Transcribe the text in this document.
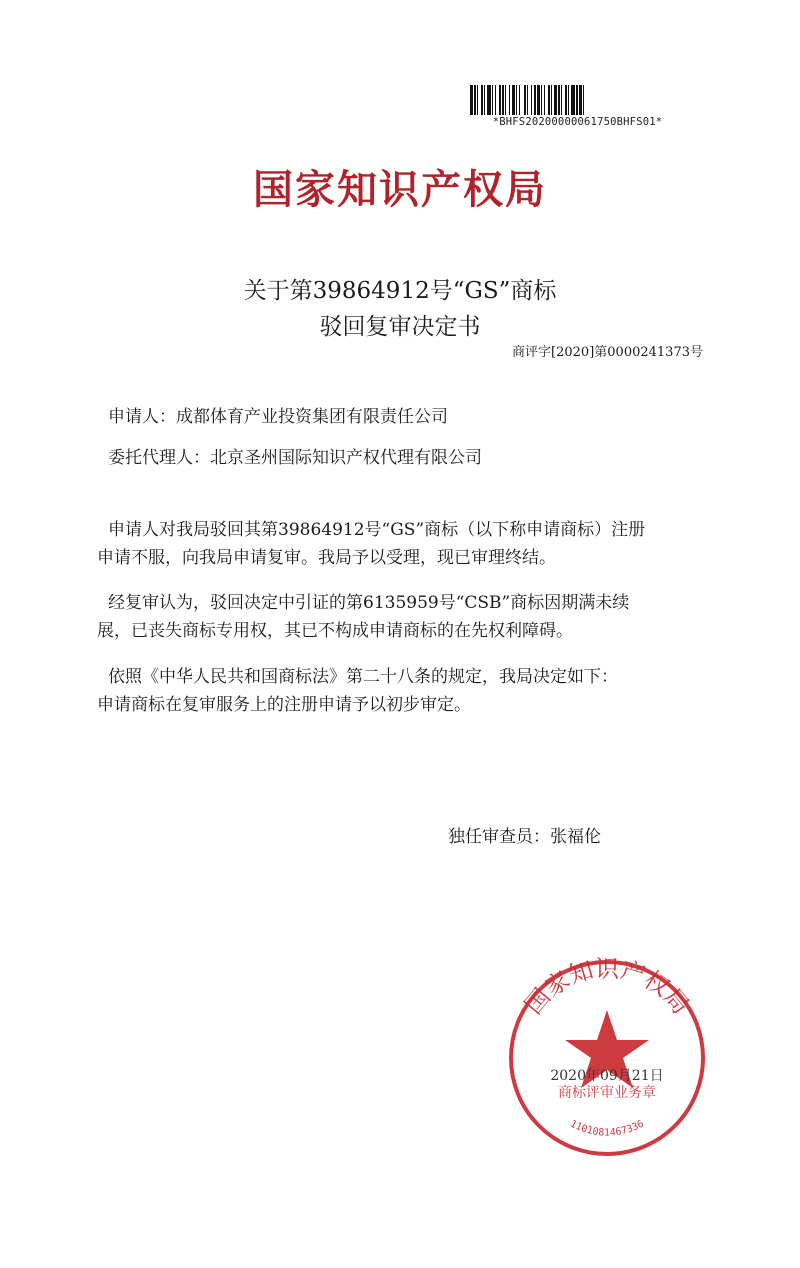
*BHFS20200000061750BHFS01*
国家知识产权局
关于第39864912号“GS”商标
驳回复审决定书
商评字[2020]第0000241373号
申请人：成都体育产业投资集团有限责任公司
委托代理人：北京圣州国际知识产权代理有限公司

申请人对我局驳回其第39864912号“GS”商标（以下称申请商标）注册

申请不服，向我局申请复审。我局予以受理，现已审理终结。

经复审认为，驳回决定中引证的第6135959号“CSB”商标因期满未续

展，已丧失商标专用权，其已不构成申请商标的在先权利障碍。

依照《中华人民共和国商标法》第二十八条的规定，我局决定如下：

申请商标在复审服务上的注册申请予以初步审定。

独任审查员：张福伦
国家知识产权局
2020年09月21日
商标评审业务章
1101081467336
